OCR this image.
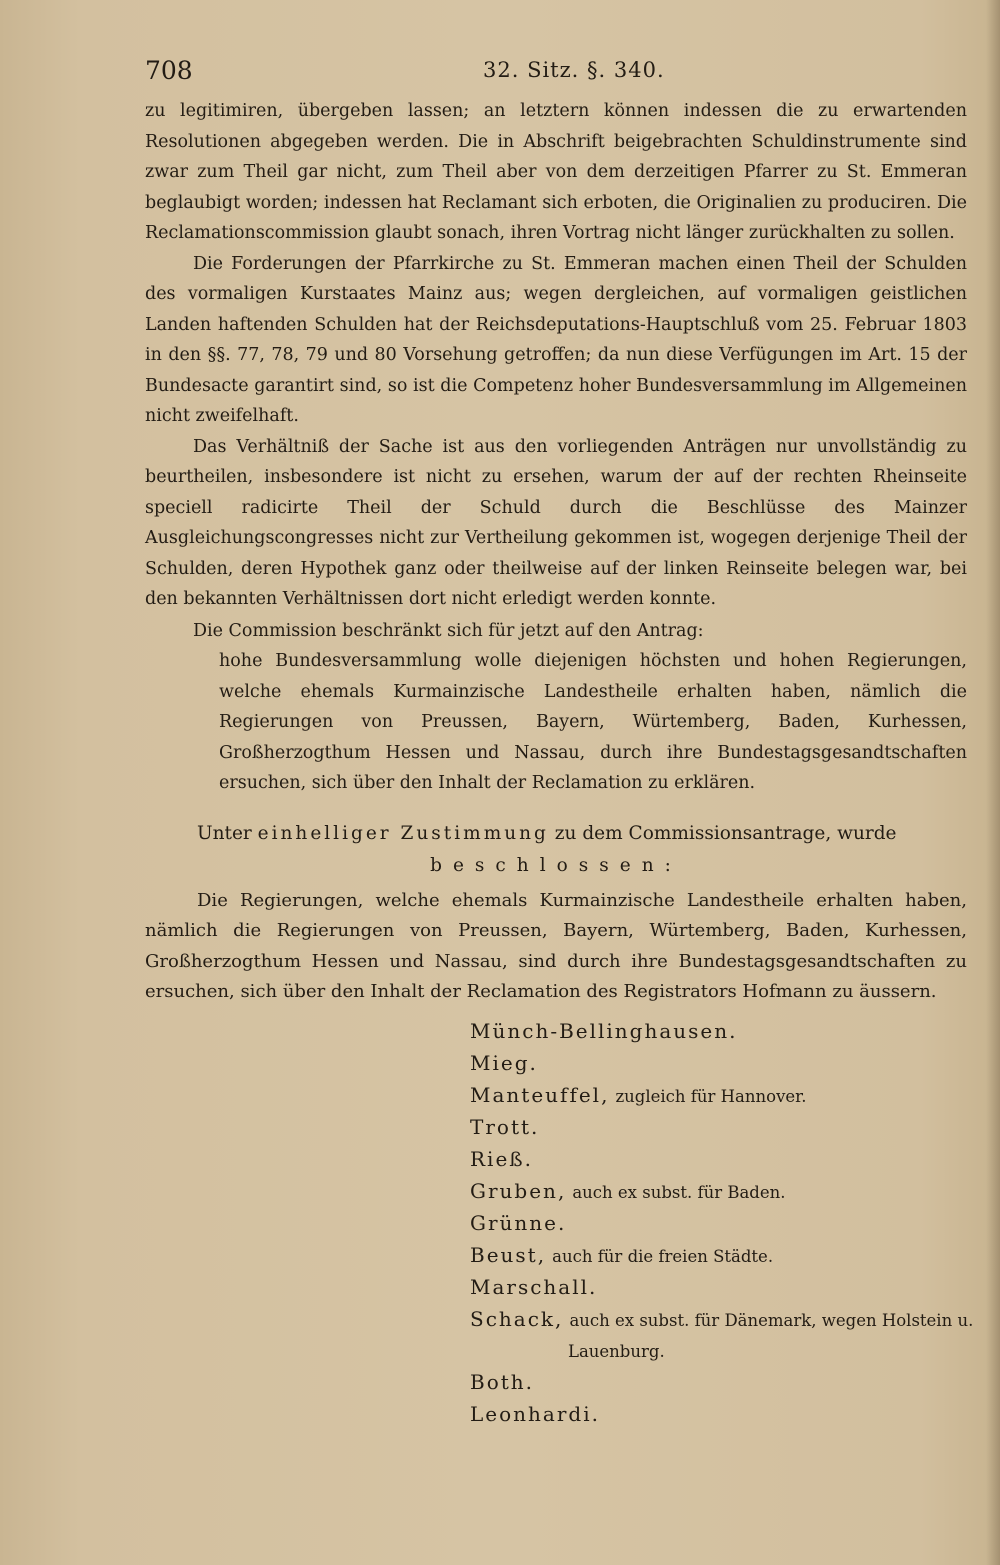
708	32. Sitz. §. 340.

zu legitimiren, übergeben lassen; an letztern können indessen die zu erwartenden Resolutionen abgegeben werden. Die in Abschrift beigebrachten Schuldinstrumente sind zwar zum Theil gar nicht, zum Theil aber von dem derzeitigen Pfarrer zu St. Emmeran beglaubigt worden; indessen hat Reclamant sich erboten, die Originalien zu produciren. Die Reclamationscommission glaubt sonach, ihren Vortrag nicht länger zurückhalten zu sollen.

Die Forderungen der Pfarrkirche zu St. Emmeran machen einen Theil der Schulden des vormaligen Kurstaates Mainz aus; wegen dergleichen, auf vormaligen geistlichen Landen haftenden Schulden hat der Reichsdeputations-Hauptschluß vom 25. Februar 1803 in den §§. 77, 78, 79 und 80 Vorsehung getroffen; da nun diese Verfügungen im Art. 15 der Bundesacte garantirt sind, so ist die Competenz hoher Bundesversammlung im Allgemeinen nicht zweifelhaft.

Das Verhältniß der Sache ist aus den vorliegenden Anträgen nur unvollständig zu beurtheilen, insbesondere ist nicht zu ersehen, warum der auf der rechten Rheinseite speciell radicirte Theil der Schuld durch die Beschlüsse des Mainzer Ausgleichungscongresses nicht zur Vertheilung gekommen ist, wogegen derjenige Theil der Schulden, deren Hypothek ganz oder theilweise auf der linken Reinseite belegen war, bei den bekannten Verhältnissen dort nicht erledigt werden konnte.

Die Commission beschränkt sich für jetzt auf den Antrag:

hohe Bundesversammlung wolle diejenigen höchsten und hohen Regierungen, welche ehemals Kurmainzische Landestheile erhalten haben, nämlich die Regierungen von Preussen, Bayern, Würtemberg, Baden, Kurhessen, Großherzogthum Hessen und Nassau, durch ihre Bundestagsgesandtschaften ersuchen, sich über den Inhalt der Reclamation zu erklären.

Unter einhelliger Zustimmung zu dem Commissionsantrage, wurde

beschlossen:

Die Regierungen, welche ehemals Kurmainzische Landestheile erhalten haben, nämlich die Regierungen von Preussen, Bayern, Würtemberg, Baden, Kurhessen, Großherzogthum Hessen und Nassau, sind durch ihre Bundestagsgesandtschaften zu ersuchen, sich über den Inhalt der Reclamation des Registrators Hofmann zu äussern.

Münch-Bellinghausen.
Mieg.
Manteuffel, zugleich für Hannover.
Trott.
Rieß.
Gruben, auch ex subst. für Baden.
Grünne.
Beust, auch für die freien Städte.
Marschall.
Schack, auch ex subst. für Dänemark, wegen Holstein u.
Lauenburg.
Both.
Leonhardi.
